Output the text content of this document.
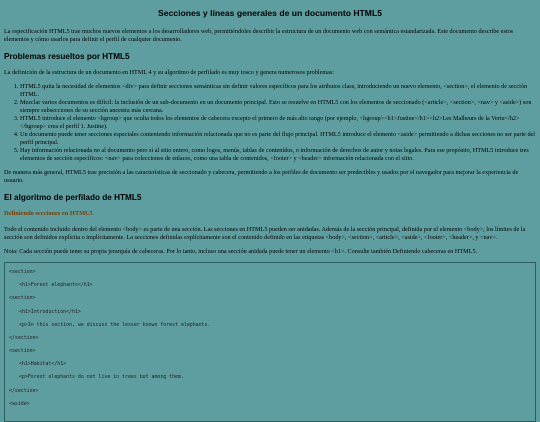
Secciones y líneas generales de un documento HTML5

La especificación HTML5 trae muchos nuevos elementos a los desarrolladores web, permitiéndoles describir la estructura de un documento web con semántica estandarizada. Este documento describe estos elementos y cómo usarlos para definir el perfil de cualquier documento.

Problemas resueltos por HTML5

La definición de la estructura de un documento en HTML 4 y su algoritmo de perfilado es muy tosco y genera numerosos problemas:

1. HTML5 quita la necesidad de elementos <div> para definir secciones semánticas sin definir valores específicos para los atributos class, introduciendo un nuevo elemento, <section>, el elemento de sección HTML.
2. Mezclar varios documentos es difícil: la inclusión de un sub-documento en un documento principal. Esto se resuelve en HTML5 con los elementos de seccionado (<article>, <section>, <nav> y <aside>) son siempre subsecciones de su sección ancestra más cercana.
3. HTML5 introduce el elemento <hgroup> que oculta todos los elementos de cabecera excepto el primero de más alto rango (por ejemplo, <hgroup><h1>Justine</h1><h2>Les Malheurs de la Vertu</h2></hgroup> crea el perfil 1. Justine).
4. Un documento puede tener secciones especiales conteniendo información relacionada que no es parte del flujo principal. HTML5 introduce el elemento <aside> permitiendo a dichas secciones no ser parte del perfil principal.
5. Hay información relacionada no al documento pero sí al sitio entero, como logos, menús, tablas de contenidos, o información de derechos de autor y notas legales. Para ese propósito, HTML5 introduce tres elementos de sección específicos: <nav> para colecciones de enlaces, como una tabla de contenidos, <footer> y <header> información relacionada con el sitio.

De manera más general, HTML5 trae precisión a las características de seccionado y cabecera, permitiendo a los perfiles de documento ser predecibles y usados por el navegador para mejorar la experiencia de usuario.

El algoritmo de perfilado de HTML5
Definiendo secciones en HTML5

Todo el contenido incluido dentro del elemento <body> es parte de una sección. Las secciones en HTML5 pueden ser anidadas. Además de la sección principal, definida por el elemento <body>, los límites de la sección son definidos explícita o implícitamente. La secciones definidas explícitamente son el contenido definido en las etiquetas <body>, <section>, <article>, <aside>, <footer>, <header>, y <nav>.

Nota: Cada sección puede tener su propia jerarquía de cabeceras. Por lo tanto, incluso una sección anidada puede tener un elemento <h1>. Consulte también Definiendo cabeceras en HTML5.

<section>
<h1>Forest elephants</h1>
<section>
<h1>Introduction</h1>
<p>In this section, we discuss the lesser known forest elephants.
</section>
<section>
<h1>Habitat</h1>
<p>Forest elephants do not live in trees but among them.
</section>
<aside>
